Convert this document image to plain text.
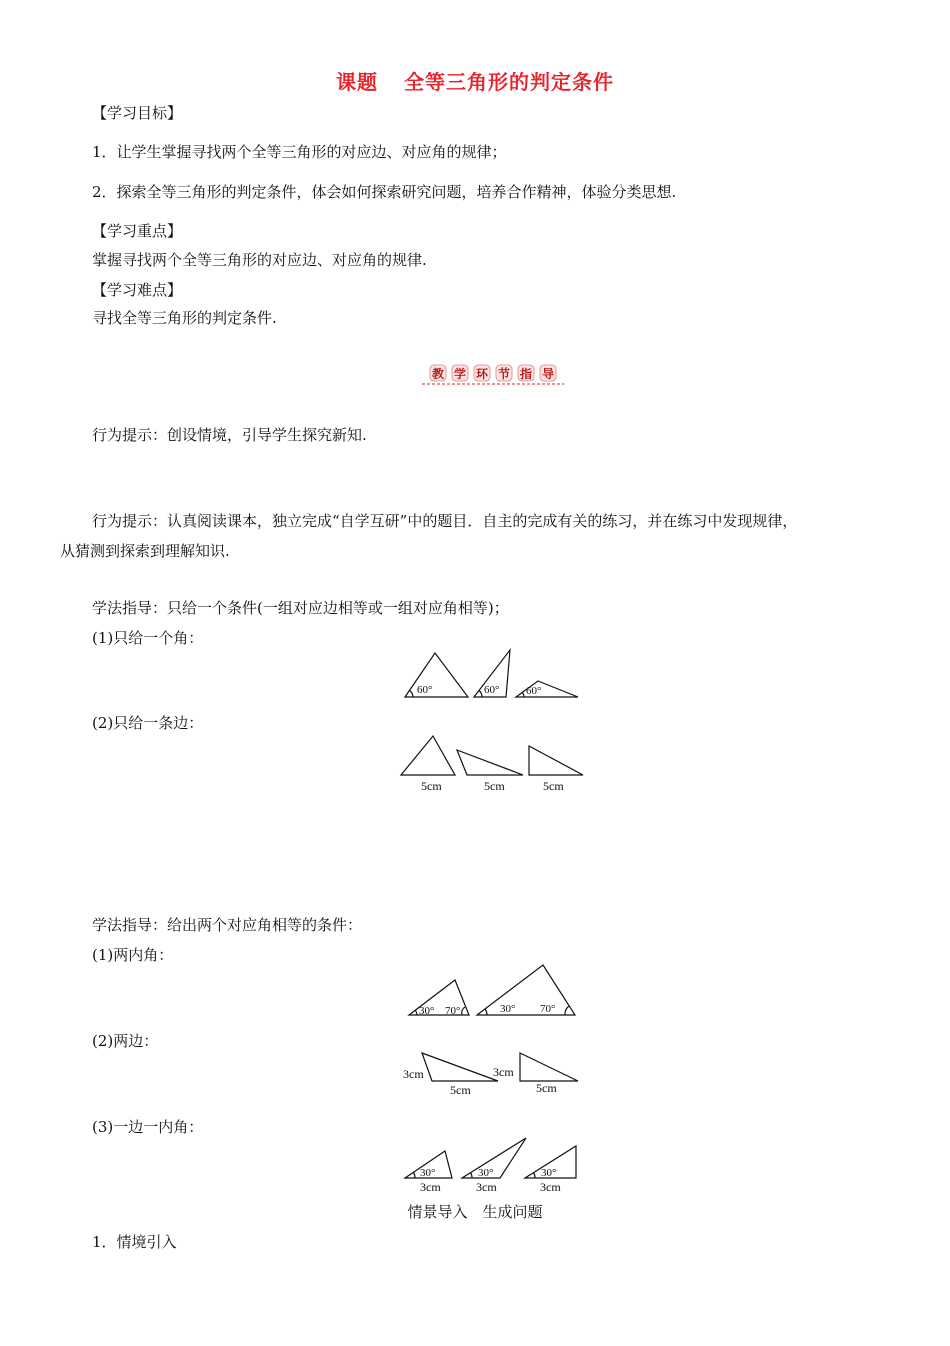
课题 全等三角形的判定条件
【学习目标】
1．让学生掌握寻找两个全等三角形的对应边、对应角的规律；
2．探索全等三角形的判定条件，体会如何探索研究问题，培养合作精神，体验分类思想.
【学习重点】
掌握寻找两个全等三角形的对应边、对应角的规律.
【学习难点】
寻找全等三角形的判定条件.
教 学 环 节 指 导
行为提示：创设情境，引导学生探究新知.
行为提示：认真阅读课本，独立完成“自学互研”中的题目．自主的完成有关的练习，并在练习中发现规律，
从猜测到探索到理解知识.
学法指导：只给一个条件(一组对应边相等或一组对应角相等)；
(1)只给一个角：
60°	60° 60°
(2)只给一条边：
5cm	5cm	5cm
学法指导：给出两个对应角相等的条件：
(1)两内角：
30° 70°	30° 70°
(2)两边：
3cm
5cm
3cm
5cm
(3)一边一内角：
30°	30°	30°
3cm	3cm	3cm
情景导入　生成问题
1．情境引入
